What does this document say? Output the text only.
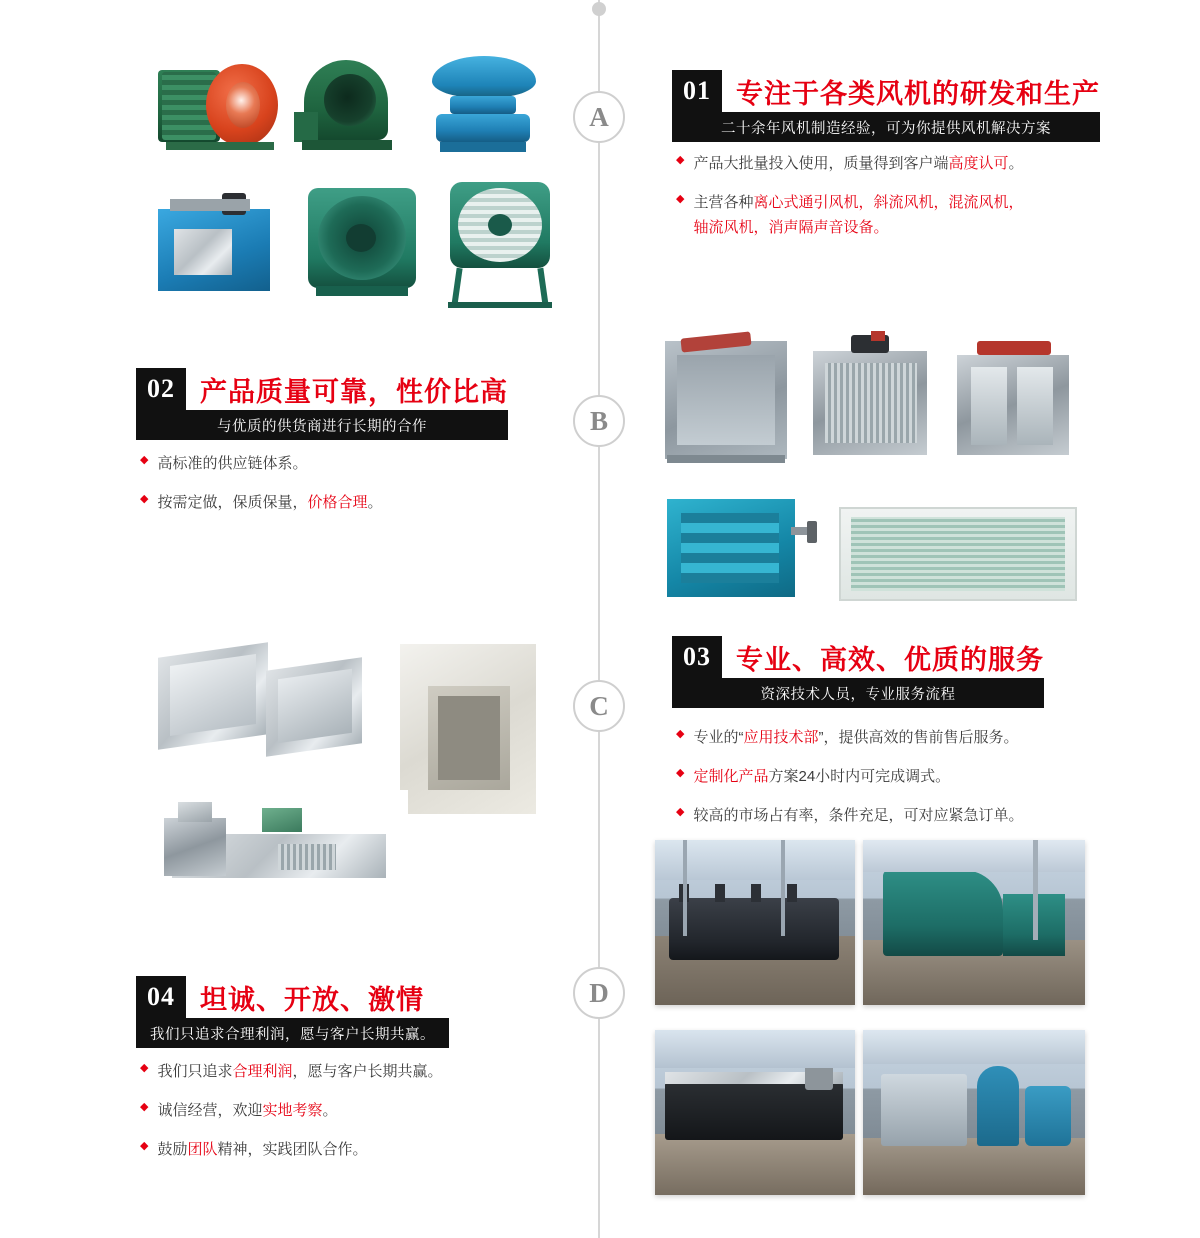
A
B
C
D
01 专注于各类风机的研发和生产
二十余年风机制造经验，可为你提供风机解决方案
◆ 产品大批量投入使用，质量得到客户端高度认可。
◆ 主营各种离心式通引风机，斜流风机，混流风机，
轴流风机，消声隔声音设备。
02 产品质量可靠，性价比高
与优质的供货商进行长期的合作
◆ 高标准的供应链体系。
◆ 按需定做，保质保量，价格合理。
03 专业、高效、优质的服务
资深技术人员，专业服务流程
◆ 专业的“应用技术部”，提供高效的售前售后服务。
◆ 定制化产品方案24小时内可完成调式。
◆ 较高的市场占有率，条件充足，可对应紧急订单。
04 坦诚、开放、激情
我们只追求合理利润，愿与客户长期共赢。
◆ 我们只追求合理利润，愿与客户长期共赢。
◆ 诚信经营，欢迎实地考察。
◆ 鼓励团队精神，实践团队合作。
